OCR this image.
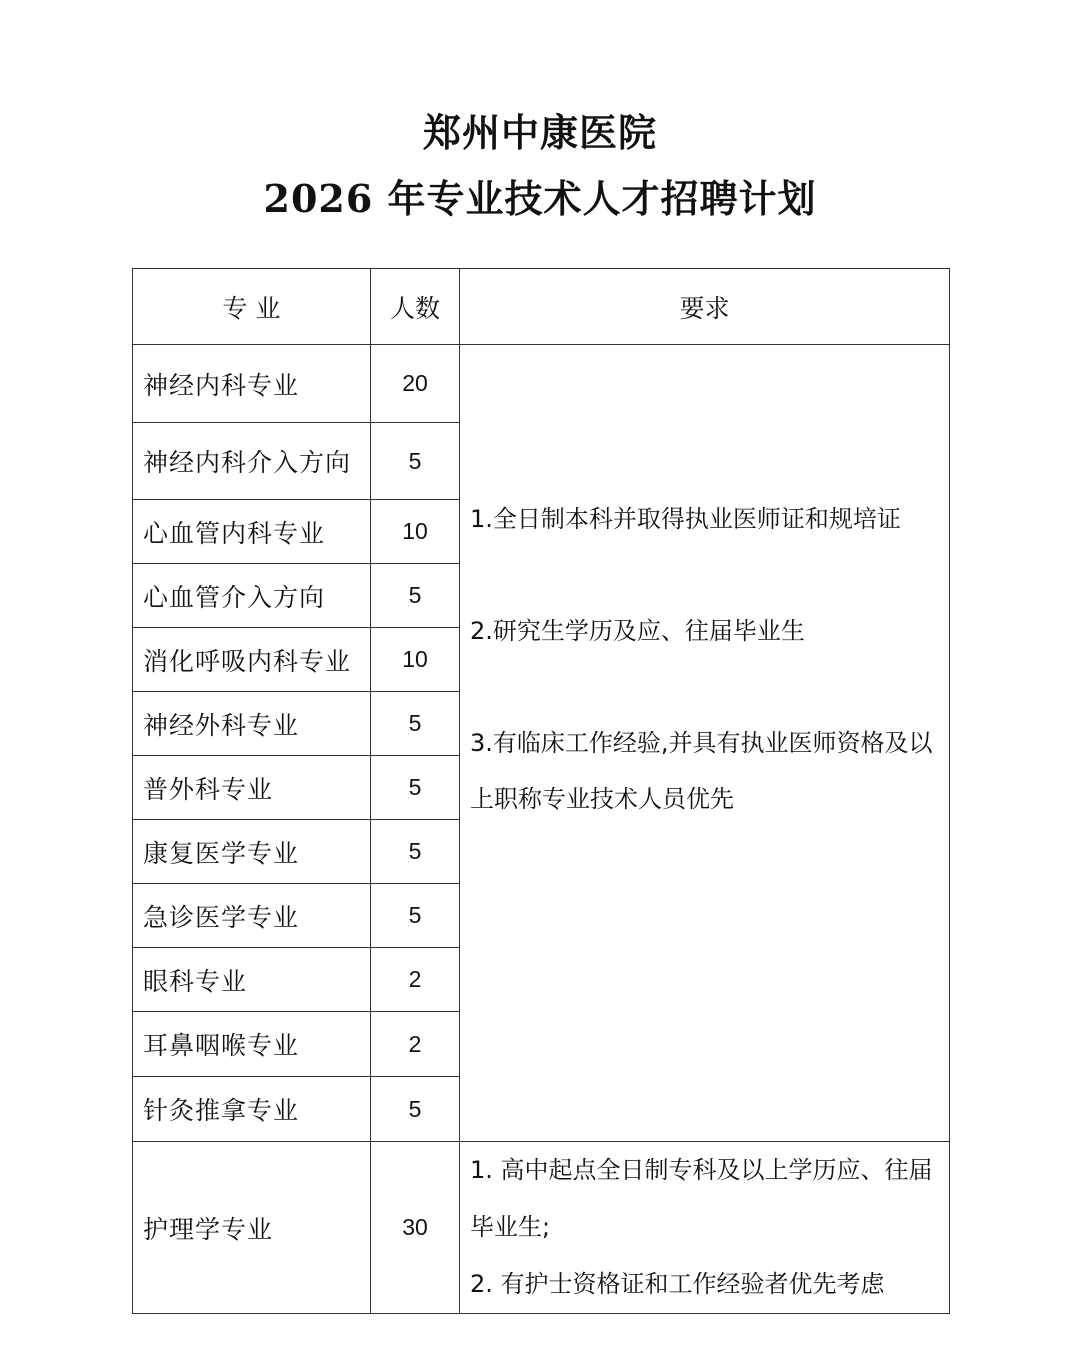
郑州中康医院
2026 年专业技术人才招聘计划
专 业	人数	要求
神经内科专业	20	1.全日制本科并取得执业医师证和规培证
2.研究生学历及应、往届毕业生
3.有临床工作经验,并具有执业医师资格及以上职称专业技术人员优先

神经内科介入方向	5	
心血管内科专业	10	
心血管介入方向	5	
消化呼吸内科专业	10	
神经外科专业	5	
普外科专业	5	
康复医学专业	5	
急诊医学专业	5	
眼科专业	2	
耳鼻咽喉专业	2	
针灸推拿专业	5	
护理学专业	30	1. 高中起点全日制专科及以上学历应、往届毕业生;
2. 有护士资格证和工作经验者优先考虑
